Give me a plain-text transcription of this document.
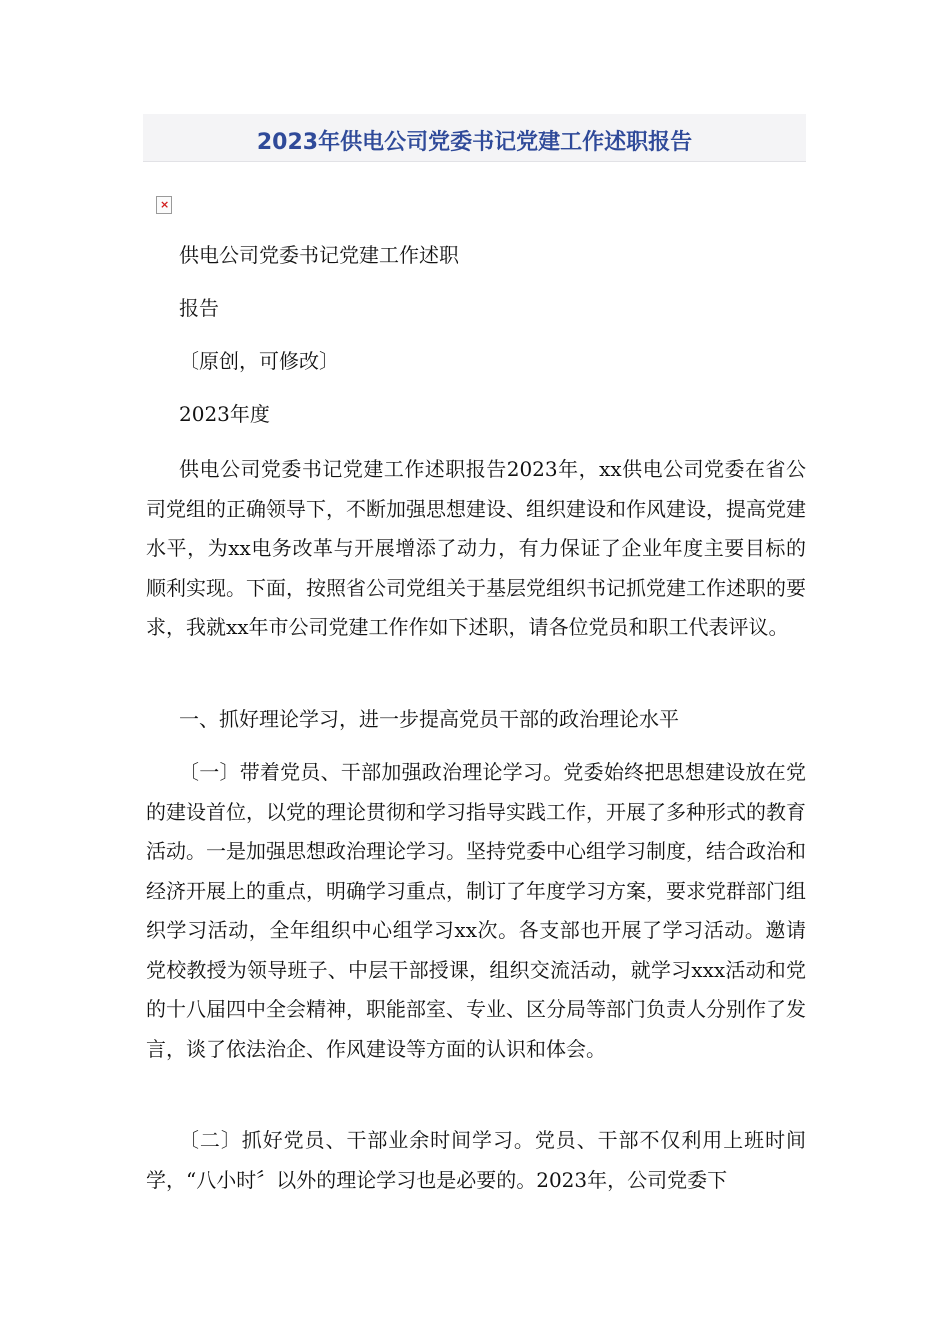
2023年供电公司党委书记党建工作述职报告
×

供电公司党委书记党建工作述职

报告

〔原创，可修改〕

2023年度

供电公司党委书记党建工作述职报告2023年，xx供电公司党委在省公司党组的正确领导下，不断加强思想建设、组织建设和作风建设，提高党建水平，为xx电务改革与开展增添了动力，有力保证了企业年度主要目标的顺利实现。下面，按照省公司党组关于基层党组织书记抓党建工作述职的要求，我就xx年市公司党建工作作如下述职，请各位党员和职工代表评议。

一、抓好理论学习，进一步提高党员干部的政治理论水平

〔一〕带着党员、干部加强政治理论学习。党委始终把思想建设放在党的建设首位，以党的理论贯彻和学习指导实践工作，开展了多种形式的教育活动。一是加强思想政治理论学习。坚持党委中心组学习制度，结合政治和经济开展上的重点，明确学习重点，制订了年度学习方案，要求党群部门组织学习活动，全年组织中心组学习xx次。各支部也开展了学习活动。邀请党校教授为领导班子、中层干部授课，组织交流活动，就学习xxx活动和党的十八届四中全会精神，职能部室、专业、区分局等部门负责人分别作了发言，谈了依法治企、作风建设等方面的认识和体会。

〔二〕抓好党员、干部业余时间学习。党员、干部不仅利用上班时间学，“八小时〞以外的理论学习也是必要的。2023年，公司党委下
